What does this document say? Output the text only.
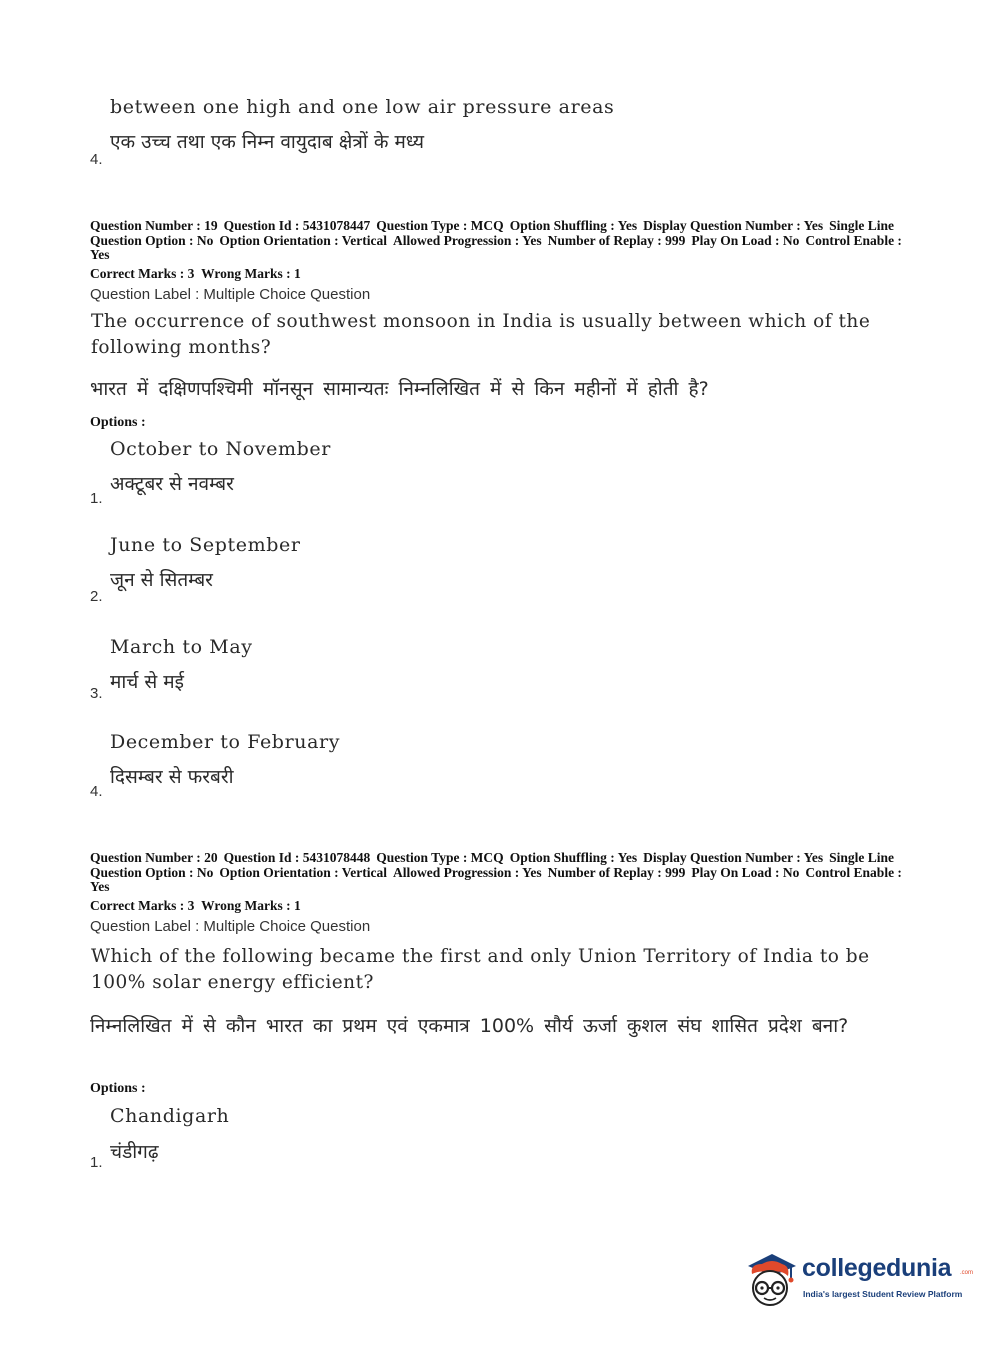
between one high and one low air pressure areas
एक उच्च तथा एक निम्न वायुदाब क्षेत्रों के मध्य
4.
Question Number : 19 Question Id : 5431078447 Question Type : MCQ Option Shuffling : Yes Display Question Number : Yes Single Line Question Option : No Option Orientation : Vertical Allowed Progression : Yes Number of Replay : 999 Play On Load : No Control Enable : Yes
Correct Marks : 3 Wrong Marks : 1
Question Label : Multiple Choice Question
The occurrence of southwest monsoon in India is usually between which of the following months?
भारत में दक्षिणपश्चिमी मॉनसून सामान्यतः निम्नलिखित में से किन महीनों में होती है?
Options :
October to November
अक्टूबर से नवम्बर
1.
June to September
जून से सितम्बर
2.
March to May
मार्च से मई
3.
December to February
दिसम्बर से फरबरी
4.
Question Number : 20 Question Id : 5431078448 Question Type : MCQ Option Shuffling : Yes Display Question Number : Yes Single Line Question Option : No Option Orientation : Vertical Allowed Progression : Yes Number of Replay : 999 Play On Load : No Control Enable : Yes
Correct Marks : 3 Wrong Marks : 1
Question Label : Multiple Choice Question
Which of the following became the first and only Union Territory of India to be 100% solar energy efficient?
निम्नलिखित में से कौन भारत का प्रथम एवं एकमात्र 100% सौर्य ऊर्जा कुशल संघ शासित प्रदेश बना?
Options :
Chandigarh
चंडीगढ़
1.
collegedunia .com
India's largest Student Review Platform
